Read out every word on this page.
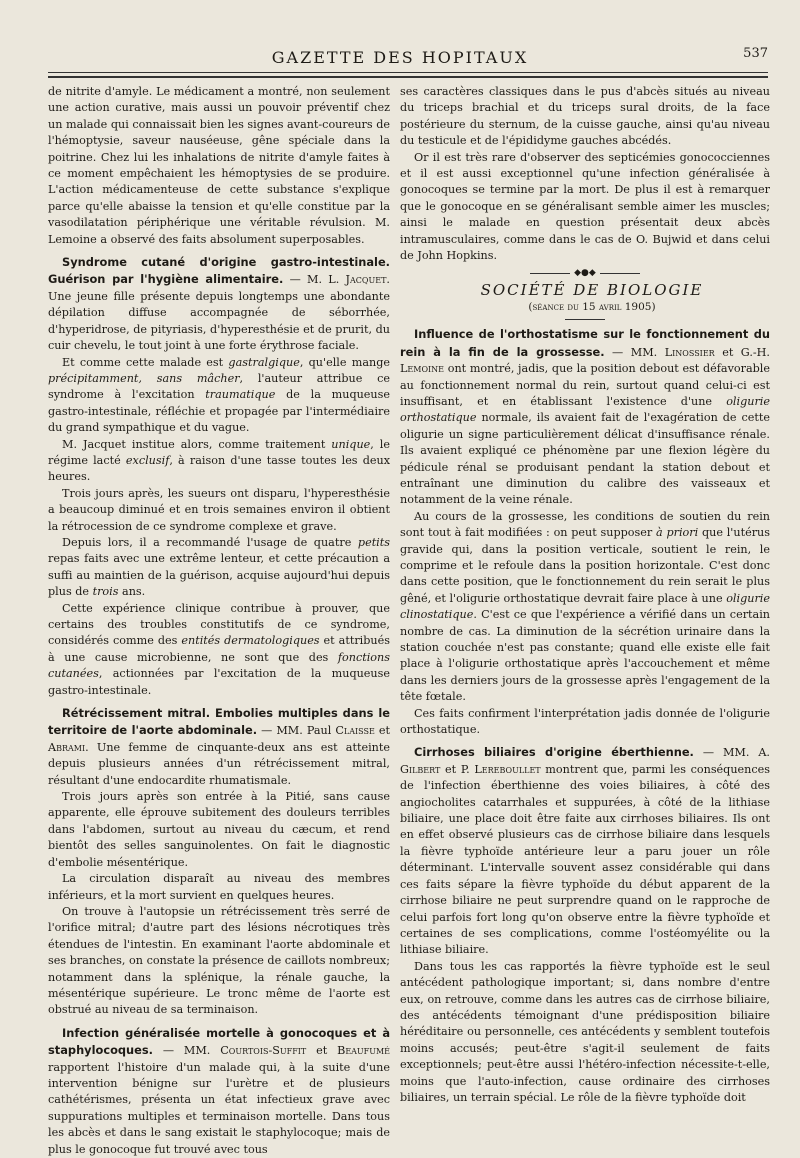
GAZETTE DES HOPITAUX	537

de nitrite d'amyle. Le médicament a montré, non seulement une action curative, mais aussi un pouvoir préventif chez un malade qui connaissait bien les signes avant-coureurs de l'hémoptysie, saveur nauséeuse, gêne spéciale dans la poitrine. Chez lui les inhalations de nitrite d'amyle faites à ce moment empêchaient les hémoptysies de se produire. L'action médicamenteuse de cette substance s'explique parce qu'elle abaisse la tension et qu'elle constitue par la vasodilatation périphérique une véritable révulsion. M. Lemoine a observé des faits absolument superposables.

Syndrome cutané d'origine gastro-intestinale. Guérison par l'hygiène alimentaire. — M. L. Jacquet. Une jeune fille présente depuis longtemps une abondante dépilation diffuse accompagnée de séborrhée, d'hyperidrose, de pityriasis, d'hyperesthésie et de prurit, du cuir chevelu, le tout joint à une forte érythrose faciale.

Et comme cette malade est gastralgique, qu'elle mange précipitamment, sans mâcher, l'auteur attribue ce syndrome à l'excitation traumatique de la muqueuse gastro-intestinale, réfléchie et propagée par l'intermédiaire du grand sympathique et du vague.

M. Jacquet institue alors, comme traitement unique, le régime lacté exclusif, à raison d'une tasse toutes les deux heures.

Trois jours après, les sueurs ont disparu, l'hyperesthésie a beaucoup diminué et en trois semaines environ il obtient la rétrocession de ce syndrome complexe et grave.

Depuis lors, il a recommandé l'usage de quatre petits repas faits avec une extrême lenteur, et cette précaution a suffi au maintien de la guérison, acquise aujourd'hui depuis plus de trois ans.

Cette expérience clinique contribue à prouver, que certains des troubles constitutifs de ce syndrome, considérés comme des entités dermatologiques et attribués à une cause microbienne, ne sont que des fonctions cutanées, actionnées par l'excitation de la muqueuse gastro-intestinale.

Rétrécissement mitral. Embolies multiples dans le territoire de l'aorte abdominale. — MM. Paul Claisse et Abrami. Une femme de cinquante-deux ans est atteinte depuis plusieurs années d'un rétrécissement mitral, résultant d'une endocardite rhumatismale.

Trois jours après son entrée à la Pitié, sans cause apparente, elle éprouve subitement des douleurs terribles dans l'abdomen, surtout au niveau du cæcum, et rend bientôt des selles sanguinolentes. On fait le diagnostic d'embolie mésentérique.

La circulation disparaît au niveau des membres inférieurs, et la mort survient en quelques heures.

On trouve à l'autopsie un rétrécissement très serré de l'orifice mitral; d'autre part des lésions nécrotiques très étendues de l'intestin. En examinant l'aorte abdominale et ses branches, on constate la présence de caillots nombreux; notamment dans la splénique, la rénale gauche, la mésentérique supérieure. Le tronc même de l'aorte est obstrué au niveau de sa terminaison.

Infection généralisée mortelle à gonocoques et à staphylocoques. — MM. Courtois-Suffit et Beaufumé rapportent l'histoire d'un malade qui, à la suite d'une intervention bénigne sur l'urètre et de plusieurs cathétérismes, présenta un état infectieux grave avec suppurations multiples et terminaison mortelle. Dans tous les abcès et dans le sang existait le staphylocoque; mais de plus le gonocoque fut trouvé avec tous

ses caractères classiques dans le pus d'abcès situés au niveau du triceps brachial et du triceps sural droits, de la face postérieure du sternum, de la cuisse gauche, ainsi qu'au niveau du testicule et de l'épididyme gauches abcédés.

Or il est très rare d'observer des septicémies gonococciennes et il est aussi exceptionnel qu'une infection généralisée à gonocoques se termine par la mort. De plus il est à remarquer que le gonocoque en se généralisant semble aimer les muscles; ainsi le malade en question présentait deux abcès intramusculaires, comme dans le cas de O. Bujwid et dans celui de John Hopkins.

◆●◆

SOCIÉTÉ DE BIOLOGIE

(séance du 15 avril 1905)

Influence de l'orthostatisme sur le fonctionnement du rein à la fin de la grossesse. — MM. Linossier et G.-H. Lemoine ont montré, jadis, que la position debout est défavorable au fonctionnement normal du rein, surtout quand celui-ci est insuffisant, et en établissant l'existence d'une oligurie orthostatique normale, ils avaient fait de l'exagération de cette oligurie un signe particulièrement délicat d'insuffisance rénale. Ils avaient expliqué ce phénomène par une flexion légère du pédicule rénal se produisant pendant la station debout et entraînant une diminution du calibre des vaisseaux et notamment de la veine rénale.

Au cours de la grossesse, les conditions de soutien du rein sont tout à fait modifiées : on peut supposer à priori que l'utérus gravide qui, dans la position verticale, soutient le rein, le comprime et le refoule dans la position horizontale. C'est donc dans cette position, que le fonctionnement du rein serait le plus gêné, et l'oligurie orthostatique devrait faire place à une oligurie clinostatique. C'est ce que l'expérience a vérifié dans un certain nombre de cas. La diminution de la sécrétion urinaire dans la station couchée n'est pas constante; quand elle existe elle fait place à l'oligurie orthostatique après l'accouchement et même dans les derniers jours de la grossesse après l'engagement de la tête fœtale.

Ces faits confirment l'interprétation jadis donnée de l'oligurie orthostatique.

Cirrhoses biliaires d'origine éberthienne. — MM. A. Gilbert et P. Lereboullet montrent que, parmi les conséquences de l'infection éberthienne des voies biliaires, à côté des angiocholites catarrhales et suppurées, à côté de la lithiase biliaire, une place doit être faite aux cirrhoses biliaires. Ils ont en effet observé plusieurs cas de cirrhose biliaire dans lesquels la fièvre typhoïde antérieure leur a paru jouer un rôle déterminant. L'intervalle souvent assez considérable qui dans ces faits sépare la fièvre typhoïde du début apparent de la cirrhose biliaire ne peut surprendre quand on le rapproche de celui parfois fort long qu'on observe entre la fièvre typhoïde et certaines de ses complications, comme l'ostéomyélite ou la lithiase biliaire.

Dans tous les cas rapportés la fièvre typhoïde est le seul antécédent pathologique important; si, dans nombre d'entre eux, on retrouve, comme dans les autres cas de cirrhose biliaire, des antécédents témoignant d'une prédisposition biliaire héréditaire ou personnelle, ces antécédents y semblent toutefois moins accusés; peut-être s'agit-il seulement de faits exceptionnels; peut-être aussi l'hétéro-infection nécessite-t-elle, moins que l'auto-infection, cause ordinaire des cirrhoses biliaires, un terrain spécial. Le rôle de la fièvre typhoïde doit
